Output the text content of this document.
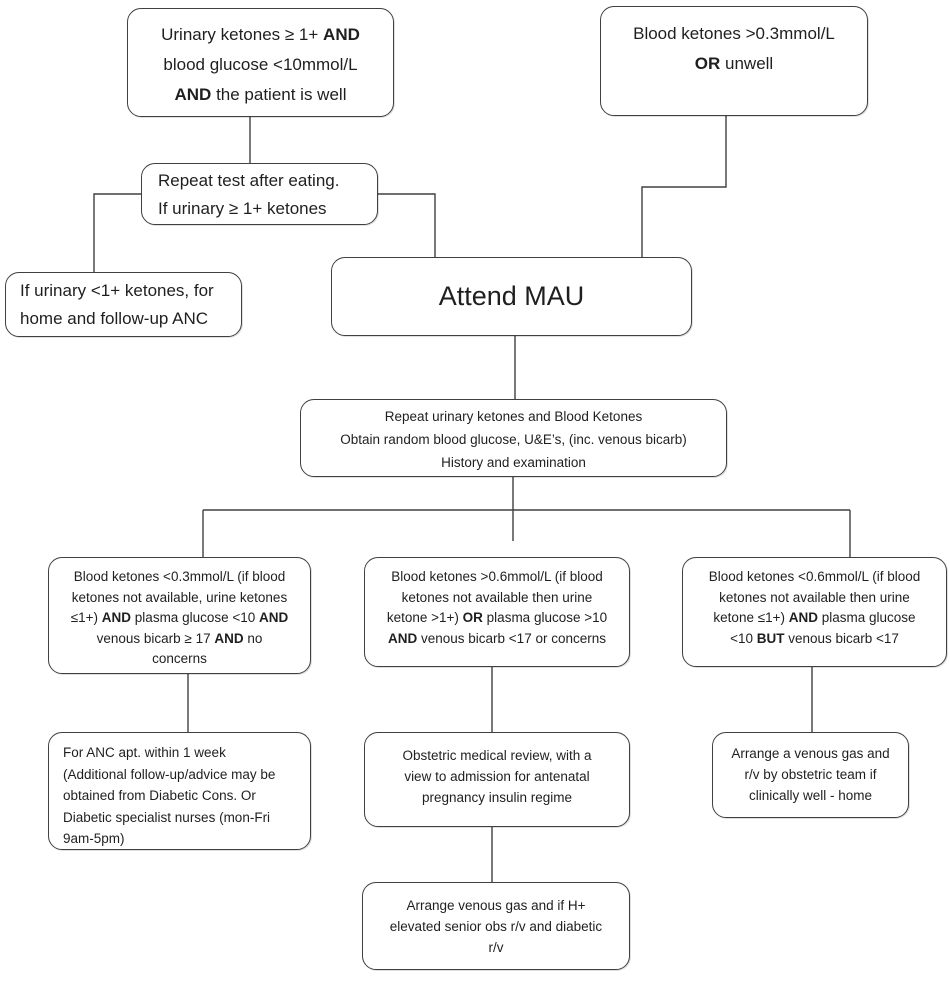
Urinary ketones ≥ 1+ AND
blood glucose <10mmol/L
AND the patient is well
Blood ketones >0.3mmol/L
OR unwell
Repeat test after eating.
If urinary ≥ 1+ ketones
If urinary <1+ ketones, for
home and follow-up ANC
Attend MAU
Repeat urinary ketones and Blood Ketones
Obtain random blood glucose, U&E’s, (inc. venous bicarb)
History and examination
Blood ketones <0.3mmol/L (if blood
ketones not available, urine ketones
≤1+) AND plasma glucose <10 AND
venous bicarb ≥ 17 AND no
concerns
Blood ketones >0.6mmol/L (if blood
ketones not available then urine
ketone >1+) OR plasma glucose >10
AND venous bicarb <17 or concerns
Blood ketones <0.6mmol/L (if blood
ketones not available then urine
ketone ≤1+) AND plasma glucose
<10 BUT venous bicarb <17
For ANC apt. within 1 week
(Additional follow-up/advice may be
obtained from Diabetic Cons. Or
Diabetic specialist nurses (mon-Fri
9am-5pm)
Obstetric medical review, with a
view to admission for antenatal
pregnancy insulin regime
Arrange a venous gas and
r/v by obstetric team if
clinically well - home
Arrange venous gas and if H+
elevated senior obs r/v and diabetic
r/v
